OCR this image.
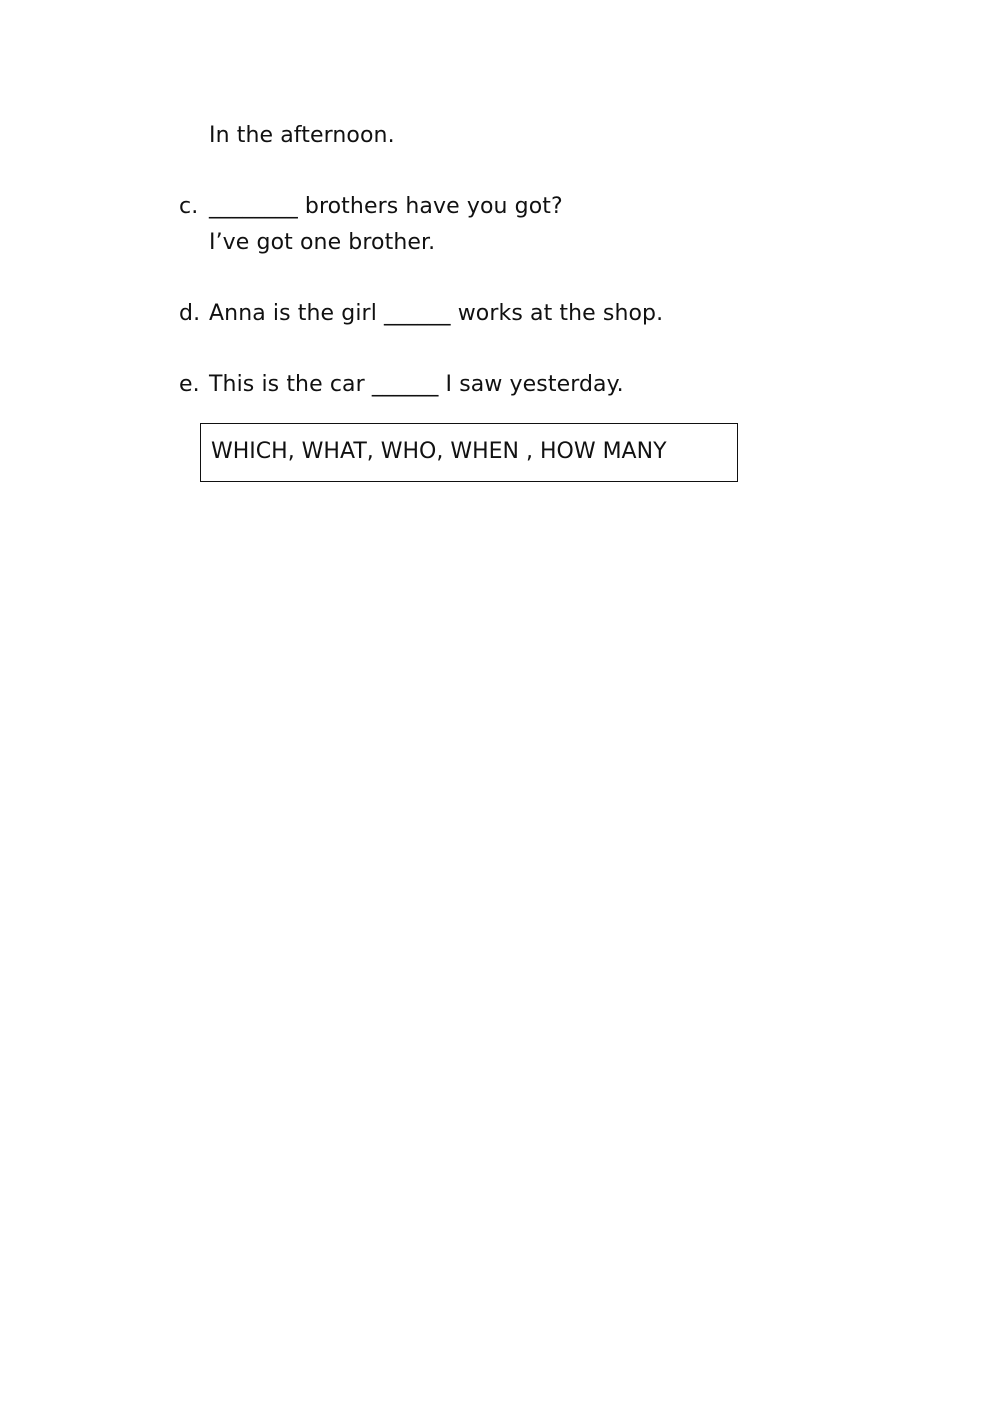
In the afternoon.
c. ________ brothers have you got?
I’ve got one brother.
d. Anna is the girl ______ works at the shop.
e. This is the car ______ I saw yesterday.
WHICH, WHAT, WHO, WHEN , HOW MANY
